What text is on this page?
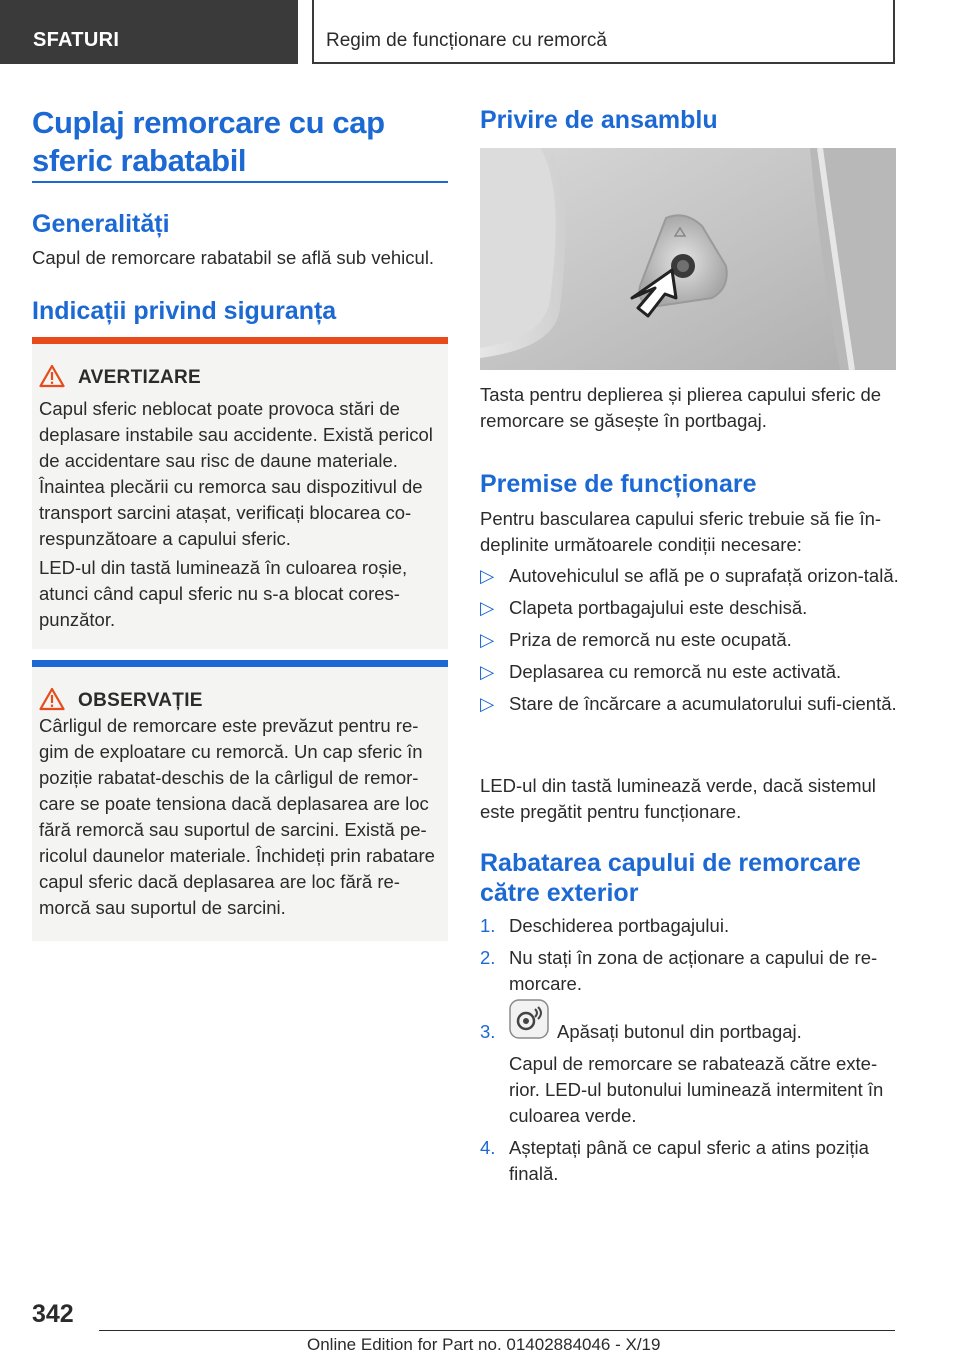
SFATURI	Regim de funcționare cu remorcă
Cuplaj remorcare cu cap sferic rabatabil
Generalități
Capul de remorcare rabatabil se află sub vehicul.
Indicații privind siguranța
AVERTIZARE
Capul sferic neblocat poate provoca stări de deplasare instabile sau accidente. Există pericol de accidentare sau risc de daune materiale. Înaintea plecării cu remorca sau dispozitivul de transport sarcini atașat, verificați blocarea co‐respunzătoare a capului sferic.
LED-ul din tastă luminează în culoarea roșie, atunci când capul sferic nu s-a blocat cores‐punzător.
OBSERVAȚIE
Cârligul de remorcare este prevăzut pentru re‐gim de exploatare cu remorcă. Un cap sferic în poziție rabatat-deschis de la cârligul de remor‐care se poate tensiona dacă deplasarea are loc fără remorcă sau suportul de sarcini. Există pe‐ricolul daunelor materiale. Închideți prin rabatare capul sferic dacă deplasarea are loc fără re‐morcă sau suportul de sarcini.
Privire de ansamblu
Tasta pentru deplierea și plierea capului sferic de remorcare se găsește în portbagaj.
Premise de funcționare
Pentru bascularea capului sferic trebuie să fie în‐deplinite următoarele condiții necesare:
▷ Autovehiculul se află pe o suprafață orizon‐tală.
▷ Clapeta portbagajului este deschisă.
▷ Priza de remorcă nu este ocupată.
▷ Deplasarea cu remorcă nu este activată.
▷ Stare de încărcare a acumulatorului sufi‐cientă.
LED-ul din tastă luminează verde, dacă sistemul este pregătit pentru funcționare.
Rabatarea capului de remorcare către exterior
1. Deschiderea portbagajului.
2. Nu stați în zona de acționare a capului de re‐morcare.
3.	Apăsați butonul din portbagaj.
Capul de remorcare se rabatează către exte‐rior. LED-ul butonului luminează intermitent în culoarea verde.
4. Așteptați până ce capul sferic a atins poziția finală.
342
Online Edition for Part no. 01402884046 - X/19
